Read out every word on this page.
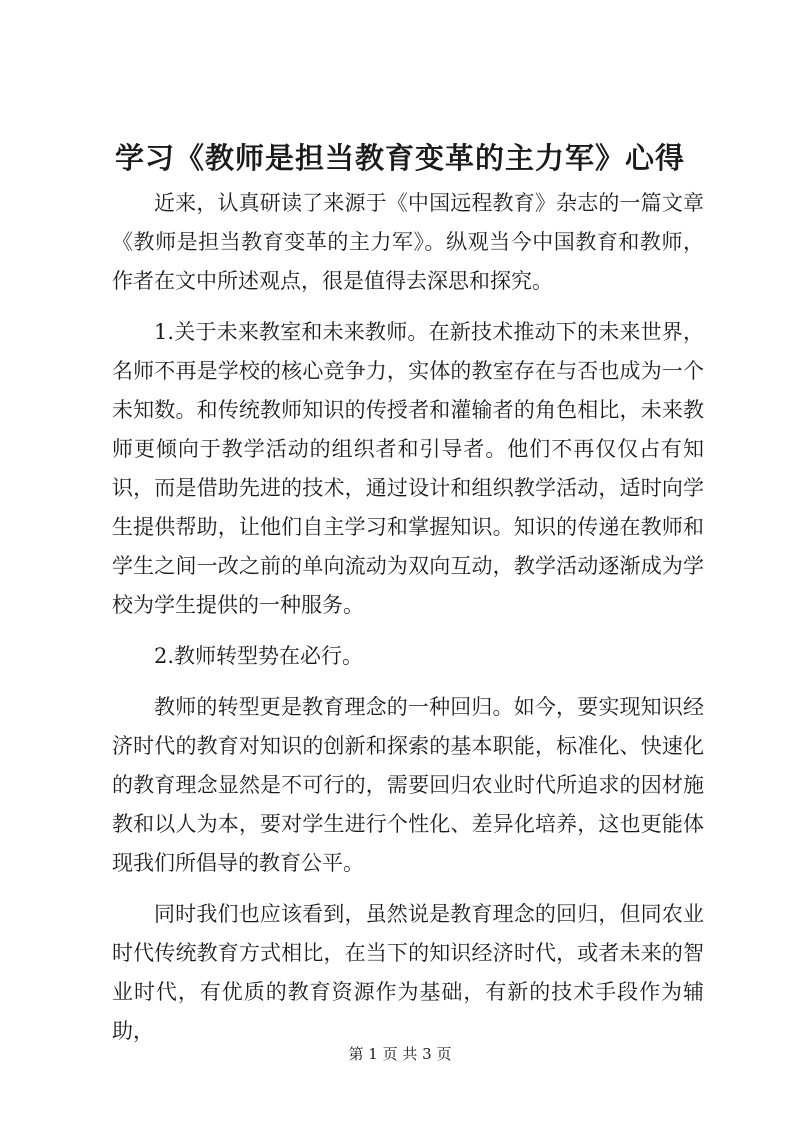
学习《教师是担当教育变革的主力军》心得

近来，认真研读了来源于《中国远程教育》杂志的一篇文章《教师是担当教育变革的主力军》。纵观当今中国教育和教师，作者在文中所述观点，很是值得去深思和探究。

1.关于未来教室和未来教师。在新技术推动下的未来世界，名师不再是学校的核心竞争力，实体的教室存在与否也成为一个未知数。和传统教师知识的传授者和灌输者的角色相比，未来教师更倾向于教学活动的组织者和引导者。他们不再仅仅占有知识，而是借助先进的技术，通过设计和组织教学活动，适时向学生提供帮助，让他们自主学习和掌握知识。知识的传递在教师和学生之间一改之前的单向流动为双向互动，教学活动逐渐成为学校为学生提供的一种服务。

2.教师转型势在必行。

教师的转型更是教育理念的一种回归。如今，要实现知识经济时代的教育对知识的创新和探索的基本职能，标准化、快速化的教育理念显然是不可行的，需要回归农业时代所追求的因材施教和以人为本，要对学生进行个性化、差异化培养，这也更能体现我们所倡导的教育公平。

同时我们也应该看到，虽然说是教育理念的回归，但同农业时代传统教育方式相比，在当下的知识经济时代，或者未来的智业时代，有优质的教育资源作为基础，有新的技术手段作为辅助，

第 1 页 共 3 页
